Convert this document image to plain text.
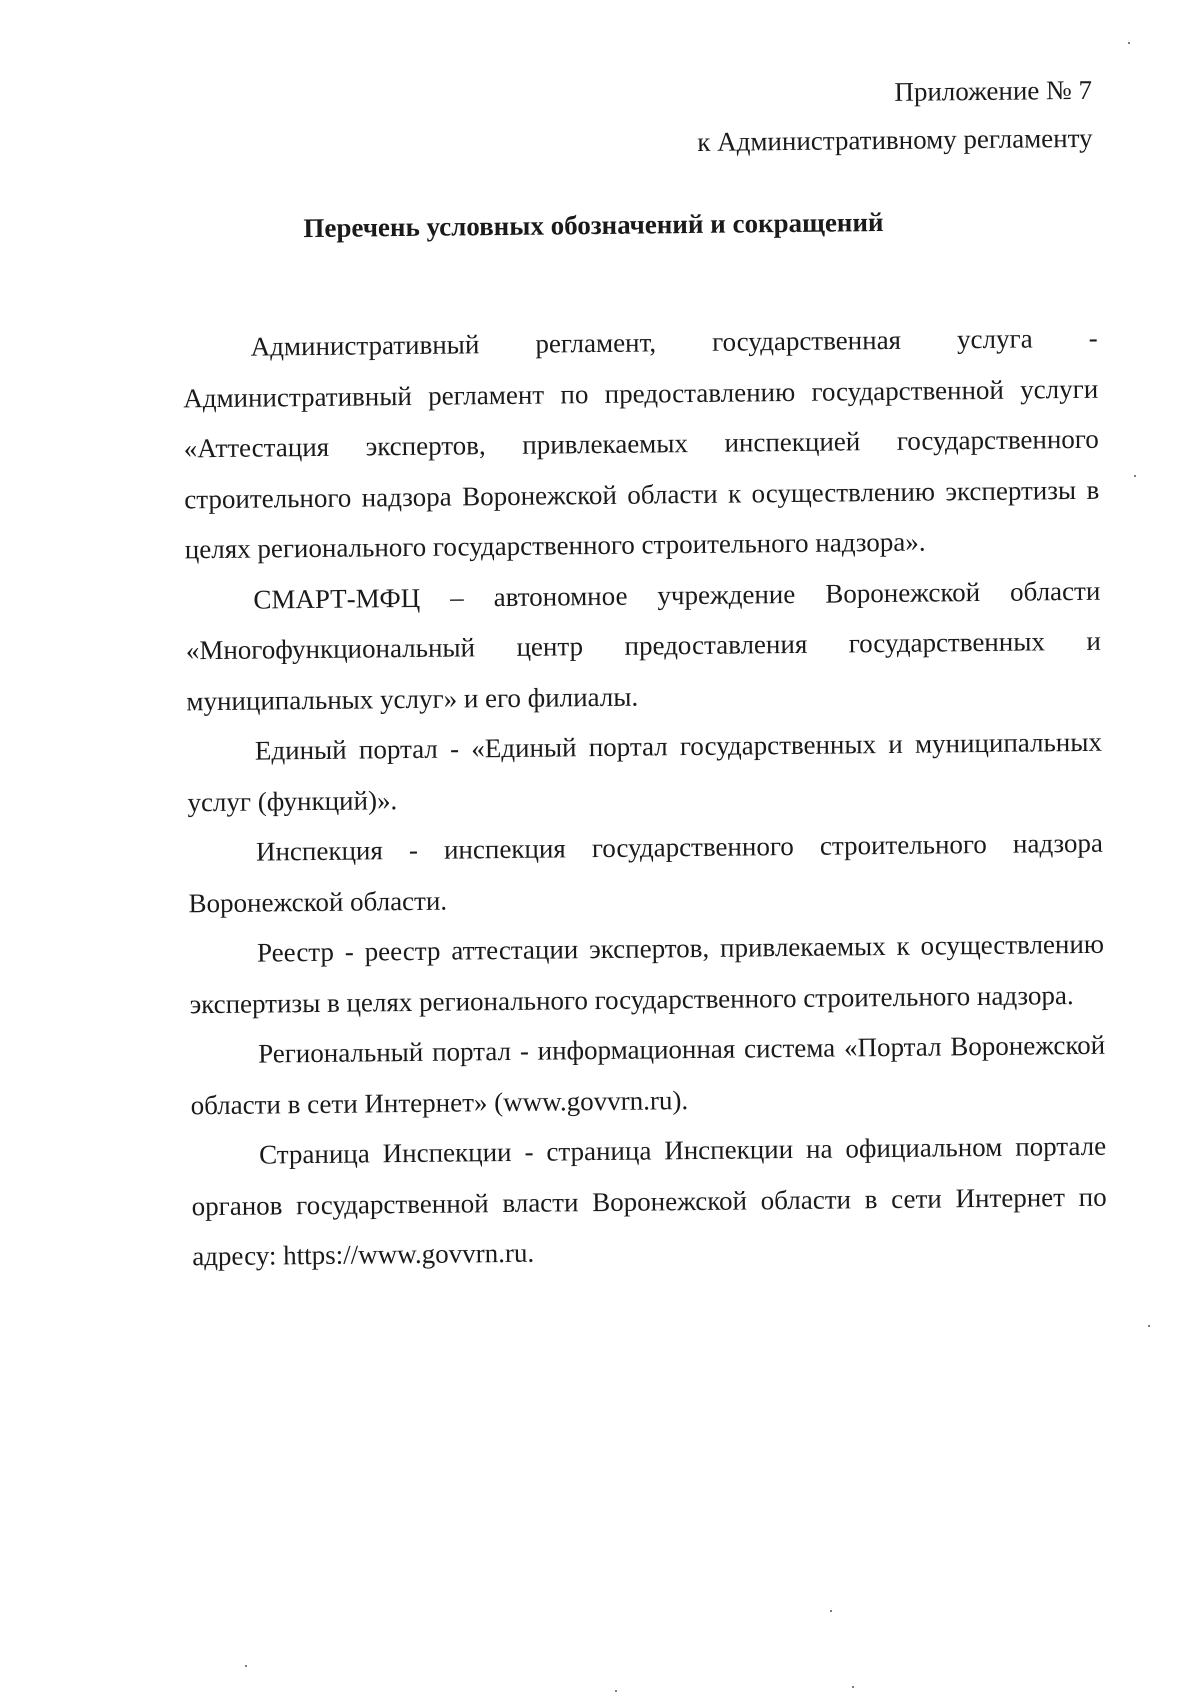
Приложение № 7
к Административному регламенту
Перечень условных обозначений и сокращений

Административный регламент, государственная услуга - Административный регламент по предоставлению государственной услуги «Аттестация экспертов, привлекаемых инспекцией государственного строительного надзора Воронежской области к осуществлению экспертизы в целях регионального государственного строительного надзора».

СМАРТ-МФЦ – автономное учреждение Воронежской области «Многофункциональный центр предоставления государственных и муниципальных услуг» и его филиалы.

Единый портал - «Единый портал государственных и муниципальных услуг (функций)».

Инспекция - инспекция государственного строительного надзора Воронежской области.

Реестр - реестр аттестации экспертов, привлекаемых к осуществлению экспертизы в целях регионального государственного строительного надзора.

Региональный портал - информационная система «Портал Воронежской области в сети Интернет» (www.govvrn.ru).

Страница Инспекции - страница Инспекции на официальном портале органов государственной власти Воронежской области в сети Интернет по адресу: https://www.govvrn.ru.
